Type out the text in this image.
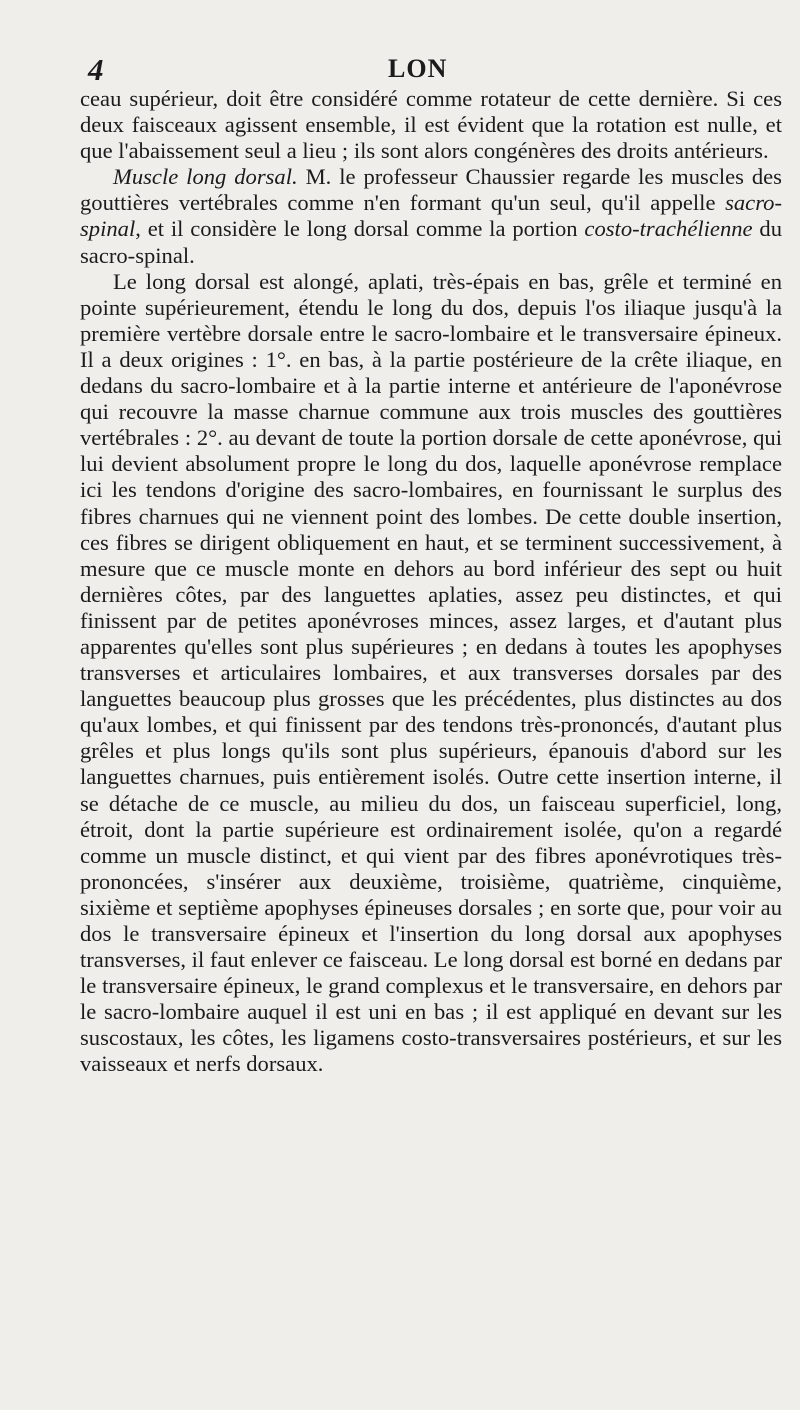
4	LON

ceau supérieur, doit être considéré comme rotateur de cette dernière. Si ces deux faisceaux agissent ensemble, il est évident que la rotation est nulle, et que l'abaissement seul a lieu ; ils sont alors congénères des droits antérieurs.

Muscle long dorsal. M. le professeur Chaussier regarde les muscles des gouttières vertébrales comme n'en formant qu'un seul, qu'il appelle sacro-spinal, et il considère le long dorsal comme la portion costo-trachélienne du sacro-spinal.

Le long dorsal est alongé, aplati, très-épais en bas, grêle et terminé en pointe supérieurement, étendu le long du dos, depuis l'os iliaque jusqu'à la première vertèbre dorsale entre le sacro-lombaire et le transversaire épineux. Il a deux origines : 1°. en bas, à la partie postérieure de la crête iliaque, en dedans du sacro-lombaire et à la partie interne et antérieure de l'aponévrose qui recouvre la masse charnue commune aux trois muscles des gouttières vertébrales : 2°. au devant de toute la portion dorsale de cette aponévrose, qui lui devient absolument propre le long du dos, laquelle aponévrose remplace ici les tendons d'origine des sacro-lombaires, en fournissant le surplus des fibres charnues qui ne viennent point des lombes. De cette double insertion, ces fibres se dirigent obliquement en haut, et se terminent successivement, à mesure que ce muscle monte en dehors au bord inférieur des sept ou huit dernières côtes, par des languettes aplaties, assez peu distinctes, et qui finissent par de petites aponévroses minces, assez larges, et d'autant plus apparentes qu'elles sont plus supérieures ; en dedans à toutes les apophyses transverses et articulaires lombaires, et aux transverses dorsales par des languettes beaucoup plus grosses que les précédentes, plus distinctes au dos qu'aux lombes, et qui finissent par des tendons très-prononcés, d'autant plus grêles et plus longs qu'ils sont plus supérieurs, épanouis d'abord sur les languettes charnues, puis entièrement isolés. Outre cette insertion interne, il se détache de ce muscle, au milieu du dos, un faisceau superficiel, long, étroit, dont la partie supérieure est ordinairement isolée, qu'on a regardé comme un muscle distinct, et qui vient par des fibres aponévrotiques très-prononcées, s'insérer aux deuxième, troisième, quatrième, cinquième, sixième et septième apophyses épineuses dorsales ; en sorte que, pour voir au dos le transversaire épineux et l'insertion du long dorsal aux apophyses transverses, il faut enlever ce faisceau. Le long dorsal est borné en dedans par le transversaire épineux, le grand complexus et le transversaire, en dehors par le sacro-lombaire auquel il est uni en bas ; il est appliqué en devant sur les suscostaux, les côtes, les ligamens costo-transversaires postérieurs, et sur les vaisseaux et nerfs dorsaux.
